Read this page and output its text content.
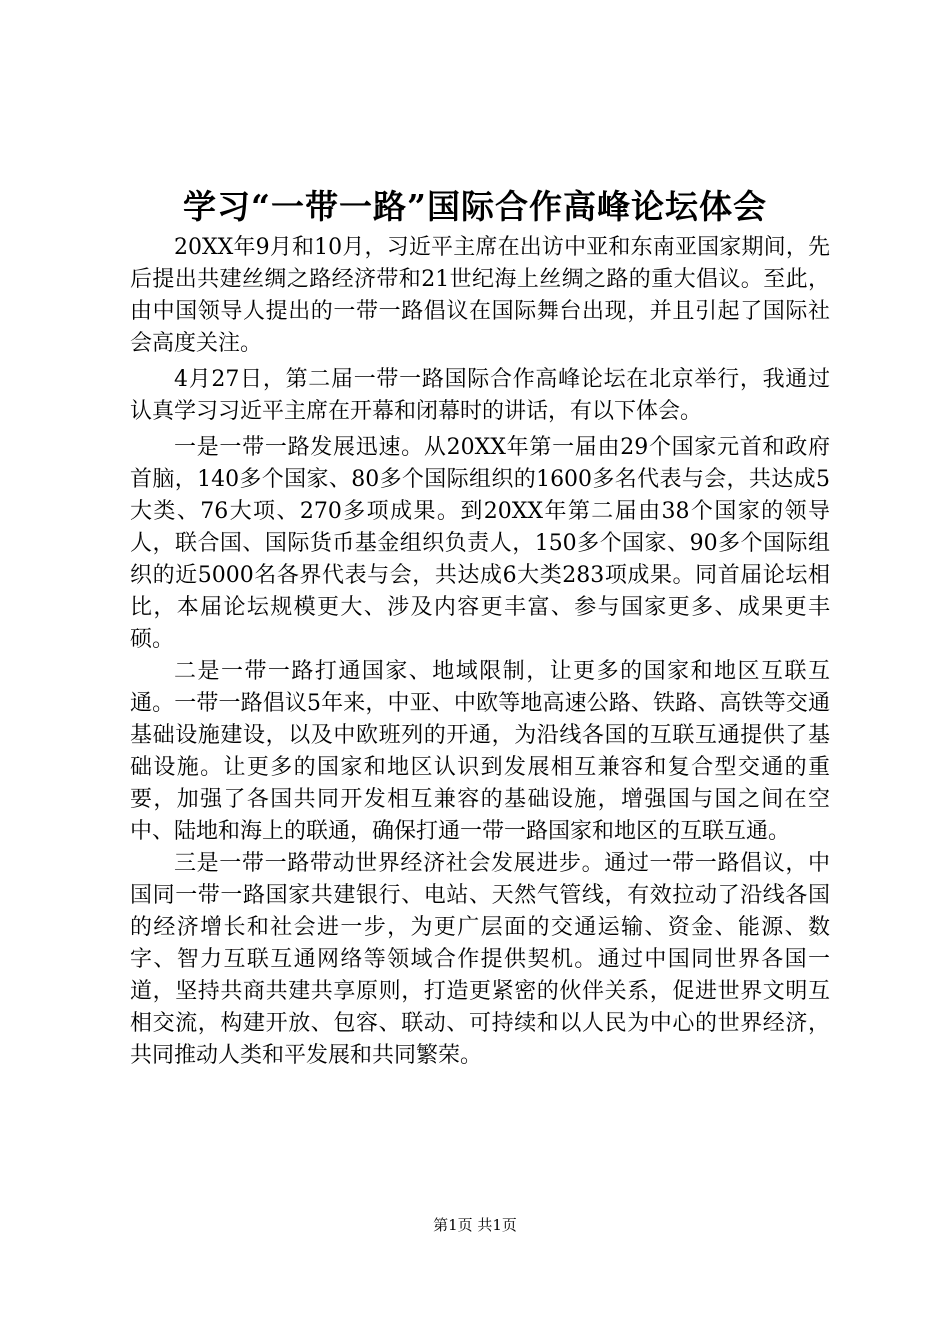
学习“一带一路”国际合作高峰论坛体会

20XX年9月和10月，习近平主席在出访中亚和东南亚国家期间，先后提出共建丝绸之路经济带和21世纪海上丝绸之路的重大倡议。至此，由中国领导人提出的一带一路倡议在国际舞台出现，并且引起了国际社会高度关注。

4月27日，第二届一带一路国际合作高峰论坛在北京举行，我通过认真学习习近平主席在开幕和闭幕时的讲话，有以下体会。

一是一带一路发展迅速。从20XX年第一届由29个国家元首和政府首脑，140多个国家、80多个国际组织的1600多名代表与会，共达成5大类、76大项、270多项成果。到20XX年第二届由38个国家的领导人，联合国、国际货币基金组织负责人，150多个国家、90多个国际组织的近5000名各界代表与会，共达成6大类283项成果。同首届论坛相比，本届论坛规模更大、涉及内容更丰富、参与国家更多、成果更丰硕。

二是一带一路打通国家、地域限制，让更多的国家和地区互联互通。一带一路倡议5年来，中亚、中欧等地高速公路、铁路、高铁等交通基础设施建设，以及中欧班列的开通，为沿线各国的互联互通提供了基础设施。让更多的国家和地区认识到发展相互兼容和复合型交通的重要，加强了各国共同开发相互兼容的基础设施，增强国与国之间在空中、陆地和海上的联通，确保打通一带一路国家和地区的互联互通。

三是一带一路带动世界经济社会发展进步。通过一带一路倡议，中国同一带一路国家共建银行、电站、天然气管线，有效拉动了沿线各国的经济增长和社会进一步，为更广层面的交通运输、资金、能源、数字、智力互联互通网络等领域合作提供契机。通过中国同世界各国一道，坚持共商共建共享原则，打造更紧密的伙伴关系，促进世界文明互相交流，构建开放、包容、联动、可持续和以人民为中心的世界经济，共同推动人类和平发展和共同繁荣。

第1页 共1页
